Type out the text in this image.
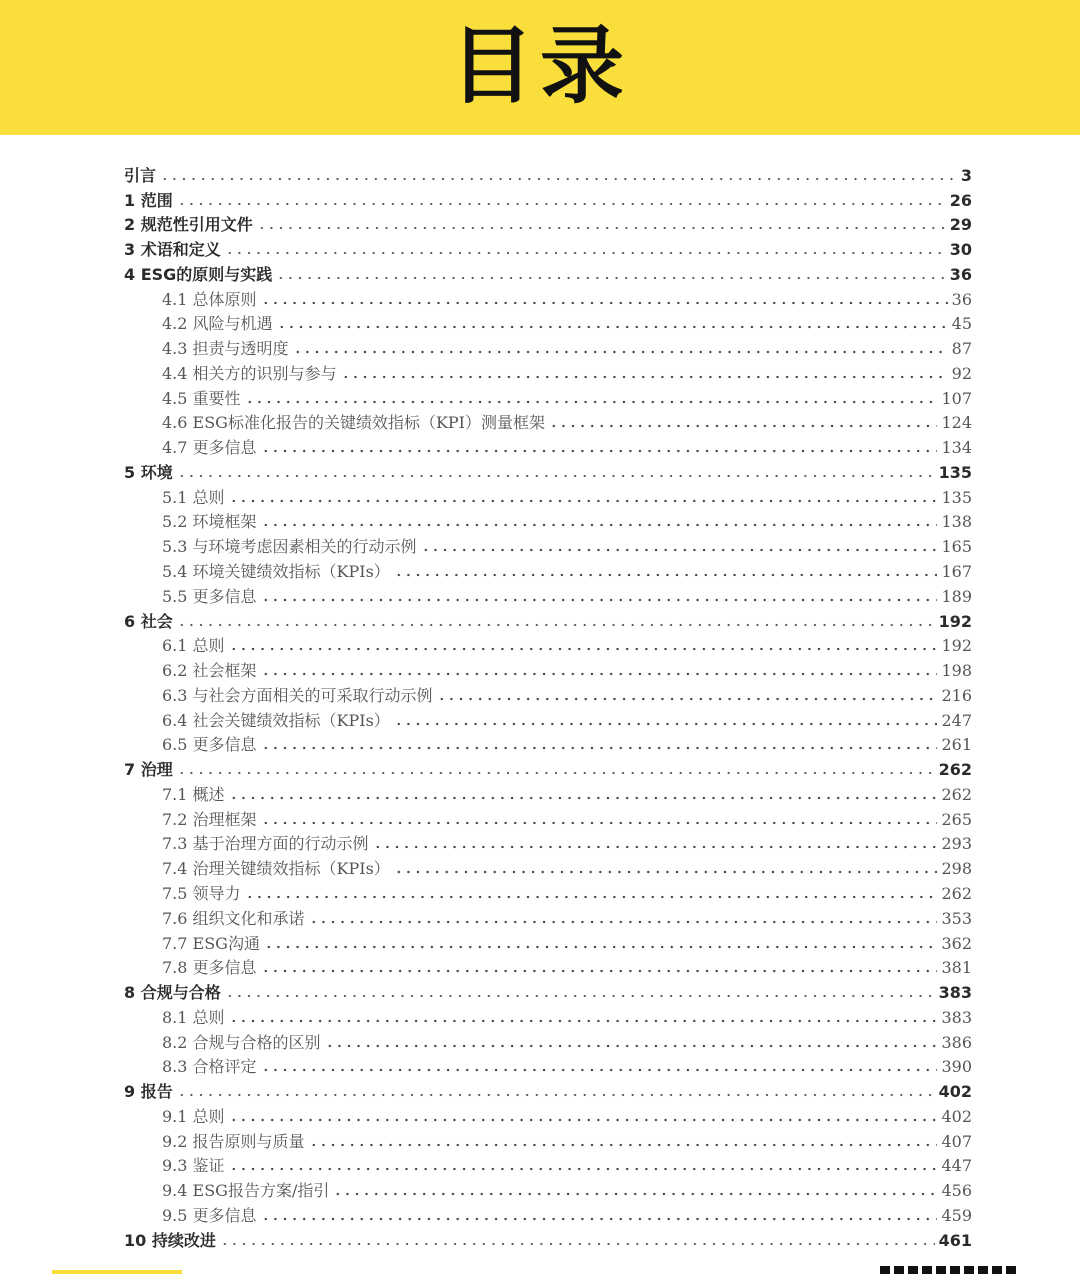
目录
引言	3
1 范围	26
2 规范性引用文件	29
3 术语和定义	30
4 ESG的原则与实践	36
4.1 总体原则	36
4.2 风险与机遇	45
4.3 担责与透明度	87
4.4 相关方的识别与参与	92
4.5 重要性	107
4.6 ESG标准化报告的关键绩效指标（KPI）测量框架	124
4.7 更多信息	134
5 环境	135
5.1 总则	135
5.2 环境框架	138
5.3 与环境考虑因素相关的行动示例	165
5.4 环境关键绩效指标（KPIs）	167
5.5 更多信息	189
6 社会	192
6.1 总则	192
6.2 社会框架	198
6.3 与社会方面相关的可采取行动示例	216
6.4 社会关键绩效指标（KPIs）	247
6.5 更多信息	261
7 治理	262
7.1 概述	262
7.2 治理框架	265
7.3 基于治理方面的行动示例	293
7.4 治理关键绩效指标（KPIs）	298
7.5 领导力	262
7.6 组织文化和承诺	353
7.7 ESG沟通	362
7.8 更多信息	381
8 合规与合格	383
8.1 总则	383
8.2 合规与合格的区别	386
8.3 合格评定	390
9 报告	402
9.1 总则	402
9.2 报告原则与质量	407
9.3 鉴证	447
9.4 ESG报告方案/指引	456
9.5 更多信息	459
10 持续改进	461
